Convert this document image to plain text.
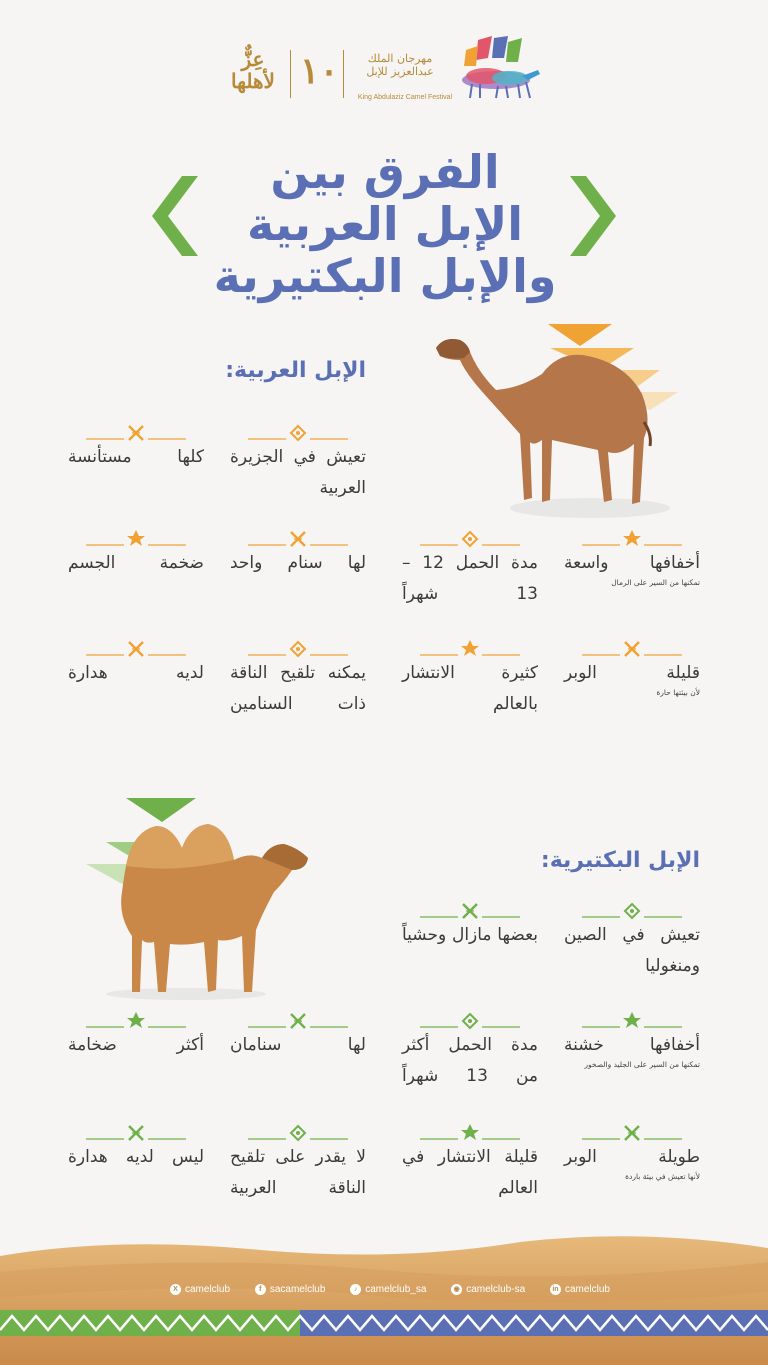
عِزٌّ
لأهلها ١٠	مهرجان الملك
عبدالعزيز للإبل
King Abdulaziz Camel Festival
الفرق بين
الإبل العربية
والإبل البكتيرية
الإبل العربية:
الإبل البكتيرية:
تعيش في الجزيرة العربية
كلها مستأنسة
أخفافها واسعة
تمكنها من السير على الرمال
مدة الحمل 12 – 13 شهراً
لها سنام واحد
ضخمة الجسم
قليلة الوبر
لأن بيئتها حارة
كثيرة الانتشار بالعالم
يمكنه تلقيح الناقة ذات السنامين
لديه هدارة
تعيش في الصين ومنغوليا
بعضها مازال وحشياً
أخفافها خشنة
تمكنها من السير على الجليد والصخور
مدة الحمل أكثر من 13 شهراً
لها سنامان
أكثر ضخامة
طويلة الوبر
لأنها تعيش في بيئة باردة
قليلة الانتشار في العالم
لا يقدر على تلقيح الناقة العربية
ليس لديه هدارة
X camelclub	f sacamelclub	♪ camelclub_sa	◉ camelclub-sa	in camelclub
